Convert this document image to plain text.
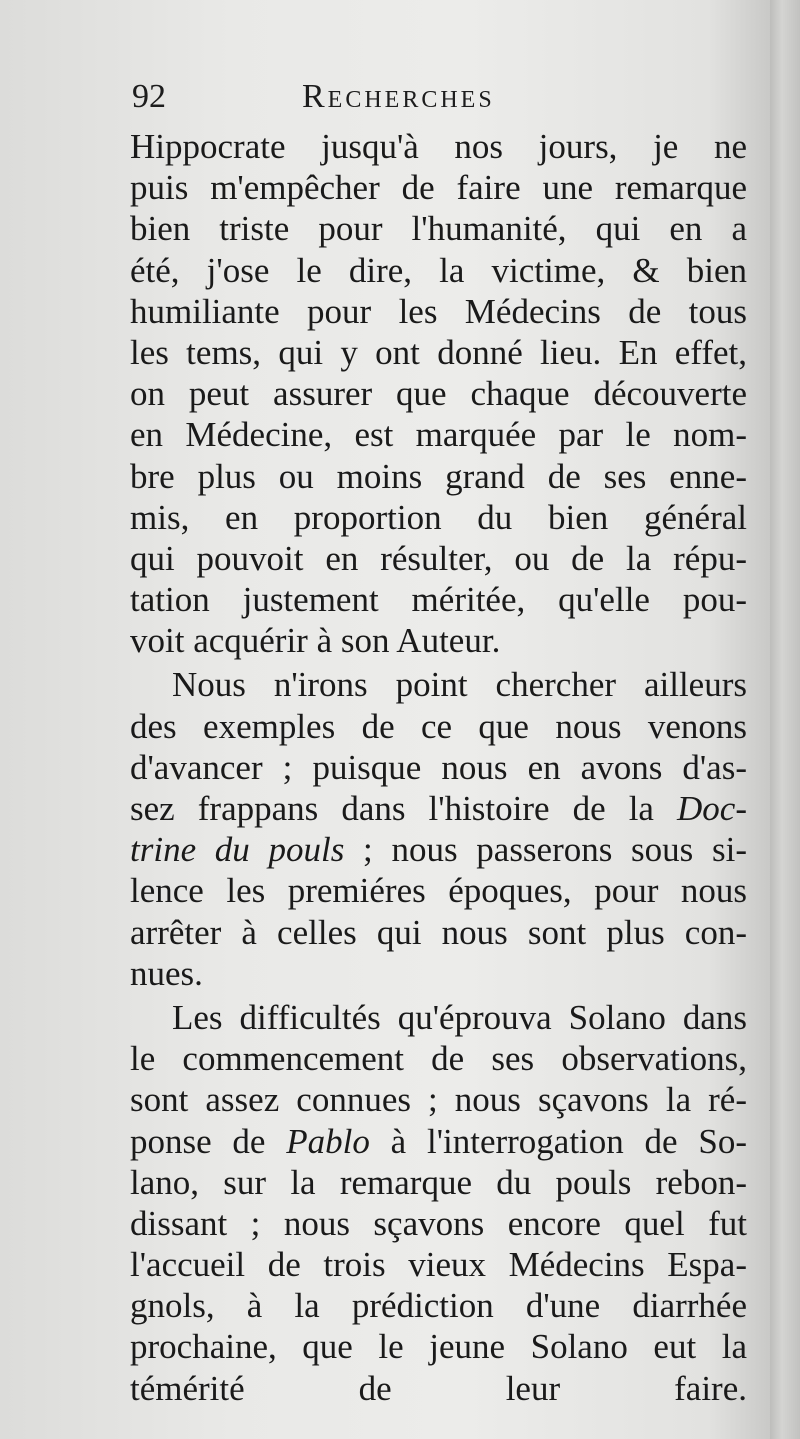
92	Recherches
Hippocrate jusqu'à nos jours, je ne
puis m'empêcher de faire une remarque
bien triste pour l'humanité, qui en a
été, j'ose le dire, la victime, & bien
humiliante pour les Médecins de tous
les tems, qui y ont donné lieu. En effet,
on peut assurer que chaque découverte
en Médecine, est marquée par le nom-
bre plus ou moins grand de ses enne-
mis, en proportion du bien général
qui pouvoit en résulter, ou de la répu-
tation justement méritée, qu'elle pou-
voit acquérir à son Auteur.
Nous n'irons point chercher ailleurs
des exemples de ce que nous venons
d'avancer ; puisque nous en avons d'as-
sez frappans dans l'histoire de la Doc-
trine du pouls ; nous passerons sous si-
lence les premiéres époques, pour nous
arrêter à celles qui nous sont plus con-
nues.
Les difficultés qu'éprouva Solano dans
le commencement de ses observations,
sont assez connues ; nous sçavons la ré-
ponse de Pablo à l'interrogation de So-
lano, sur la remarque du pouls rebon-
dissant ; nous sçavons encore quel fut
l'accueil de trois vieux Médecins Espa-
gnols, à la prédiction d'une diarrhée
prochaine, que le jeune Solano eut la
témérité de leur faire.
